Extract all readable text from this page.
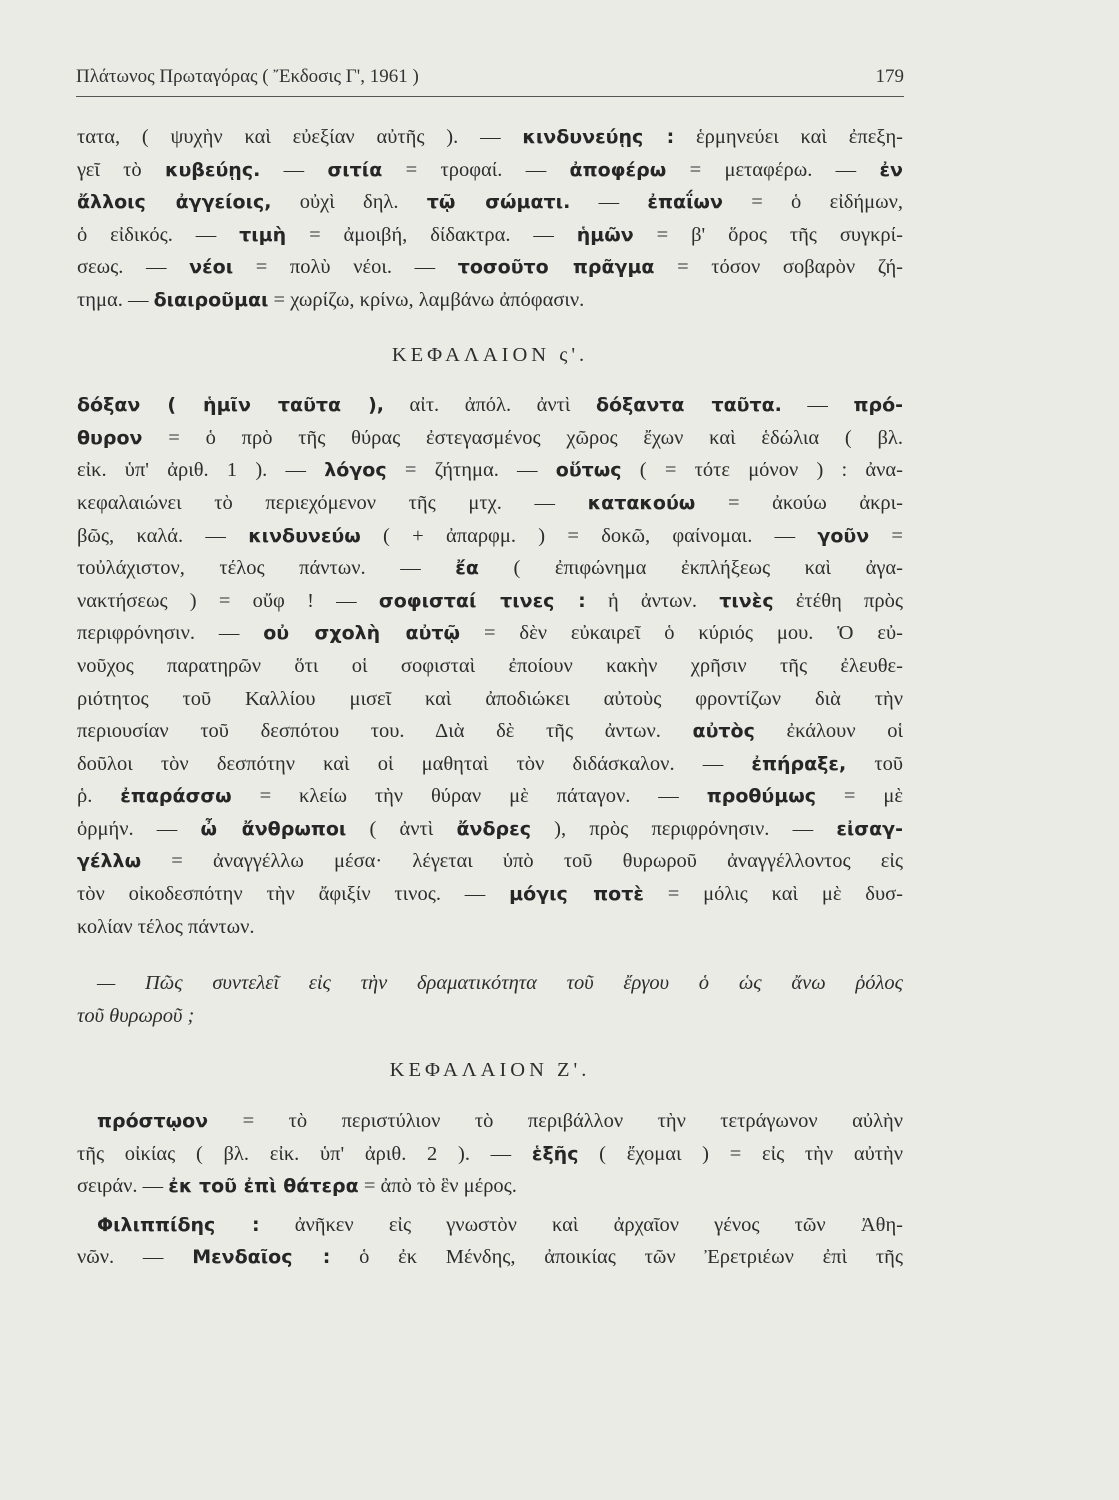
Πλάτωνος Πρωταγόρας ( Ἔκδοσις Γ', 1961 )	179

τατα, ( ψυχὴν καὶ εὐεξίαν αὐτῆς ). — κινδυνεύῃς : ἑρμηνεύει καὶ ἐπεξη-
γεῖ τὸ κυβεύῃς. — σιτία = τροφαί. — ἀποφέρω = μεταφέρω. — ἐν
ἄλλοις ἀγγείοις, οὐχὶ δηλ. τῷ σώματι. — ἐπαΐων = ὁ εἰδήμων,
ὁ εἰδικός. — τιμὴ = ἀμοιβή, δίδακτρα. — ἡμῶν = β' ὅρος τῆς συγκρί-
σεως. — νέοι = πολὺ νέοι. — τοσοῦτο πρᾶγμα = τόσον σοβαρὸν ζή-
τημα. — διαιροῦμαι = χωρίζω, κρίνω, λαμβάνω ἀπόφασιν.

ΚΕΦΑΛΑΙΟΝ ς'.

δόξαν ( ἡμῖν ταῦτα ), αἰτ. ἀπόλ. ἀντὶ δόξαντα ταῦτα. — πρό-
θυρον = ὁ πρὸ τῆς θύρας ἐστεγασμένος χῶρος ἔχων καὶ ἑδώλια ( βλ.
εἰκ. ὑπ' ἀριθ. 1 ). — λόγος = ζήτημα. — οὕτως ( = τότε μόνον ) : ἀνα-
κεφαλαιώνει τὸ περιεχόμενον τῆς μτχ. — κατακούω = ἀκούω ἀκρι-
βῶς, καλά. — κινδυνεύω ( + ἀπαρφμ. ) = δοκῶ, φαίνομαι. — γοῦν =
τοὐλάχιστον, τέλος πάντων. — ἔα ( ἐπιφώνημα ἐκπλήξεως καὶ ἀγα-
νακτήσεως ) = οὔφ ! — σοφισταί τινες : ἡ ἀντων. τινὲς ἐτέθη πρὸς
περιφρόνησιν. — οὐ σχολὴ αὐτῷ = δὲν εὐκαιρεῖ ὁ κύριός μου. Ὁ εὐ-
νοῦχος παρατηρῶν ὅτι οἱ σοφισταὶ ἐποίουν κακὴν χρῆσιν τῆς ἐλευθε-
ριότητος τοῦ Καλλίου μισεῖ καὶ ἀποδιώκει αὐτοὺς φροντίζων διὰ τὴν
περιουσίαν τοῦ δεσπότου του. Διὰ δὲ τῆς ἀντων. αὐτὸς ἐκάλουν οἱ
δοῦλοι τὸν δεσπότην καὶ οἱ μαθηταὶ τὸν διδάσκαλον. — ἐπήραξε, τοῦ
ῥ. ἐπαράσσω = κλείω τὴν θύραν μὲ πάταγον. — προθύμως = μὲ
ὁρμήν. — ὦ ἄνθρωποι ( ἀντὶ ἄνδρες ), πρὸς περιφρόνησιν. — εἰσαγ-
γέλλω = ἀναγγέλλω μέσα· λέγεται ὑπὸ τοῦ θυρωροῦ ἀναγγέλλοντος εἰς
τὸν οἰκοδεσπότην τὴν ἄφιξίν τινος. — μόγις ποτὲ = μόλις καὶ μὲ δυσ-
κολίαν τέλος πάντων.

— Πῶς συντελεῖ εἰς τὴν δραματικότητα τοῦ ἔργου ὁ ὡς ἄνω ῥόλος
τοῦ θυρωροῦ ;

ΚΕΦΑΛΑΙΟΝ Ζ'.

πρόστῳον = τὸ περιστύλιον τὸ περιβάλλον τὴν τετράγωνον αὐλὴν
τῆς οἰκίας ( βλ. εἰκ. ὑπ' ἀριθ. 2 ). — ἑξῆς ( ἔχομαι ) = εἰς τὴν αὐτὴν
σειράν. — ἐκ τοῦ ἐπὶ θάτερα = ἀπὸ τὸ ἓν μέρος.

Φιλιππίδης : ἀνῆκεν εἰς γνωστὸν καὶ ἀρχαῖον γένος τῶν Ἀθη-
νῶν. — Μενδαῖος : ὁ ἐκ Μένδης, ἀποικίας τῶν Ἐρετριέων ἐπὶ τῆς
